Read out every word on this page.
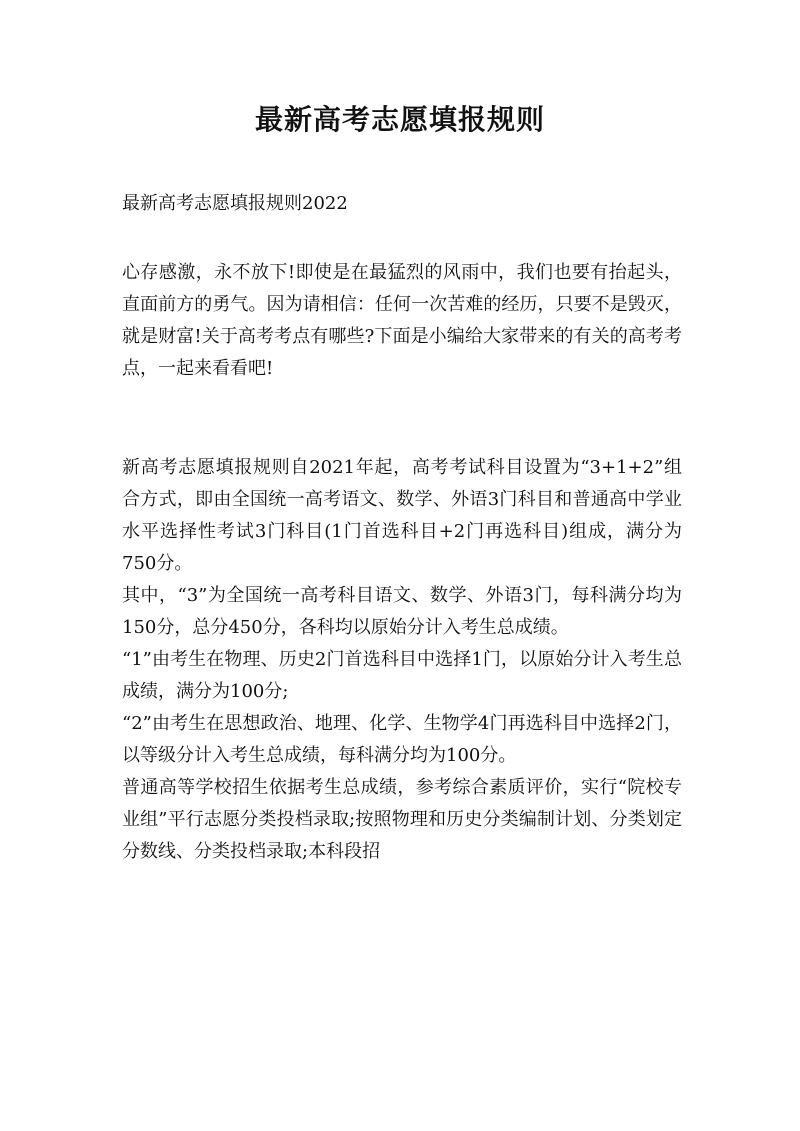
最新高考志愿填报规则

最新高考志愿填报规则2022

心存感激，永不放下!即使是在最猛烈的风雨中，我们也要有抬起头，直面前方的勇气。因为请相信：任何一次苦难的经历，只要不是毁灭，就是财富!关于高考考点有哪些?下面是小编给大家带来的有关的高考考点，一起来看看吧!

新高考志愿填报规则自2021年起，高考考试科目设置为“3+1+2”组合方式，即由全国统一高考语文、数学、外语3门科目和普通高中学业水平选择性考试3门科目(1门首选科目+2门再选科目)组成，满分为750分。

其中，“3”为全国统一高考科目语文、数学、外语3门，每科满分均为150分，总分450分，各科均以原始分计入考生总成绩。

“1”由考生在物理、历史2门首选科目中选择1门，以原始分计入考生总成绩，满分为100分;

“2”由考生在思想政治、地理、化学、生物学4门再选科目中选择2门，以等级分计入考生总成绩，每科满分均为100分。

普通高等学校招生依据考生总成绩，参考综合素质评价，实行“院校专业组”平行志愿分类投档录取;按照物理和历史分类编制计划、分类划定分数线、分类投档录取;本科段招
